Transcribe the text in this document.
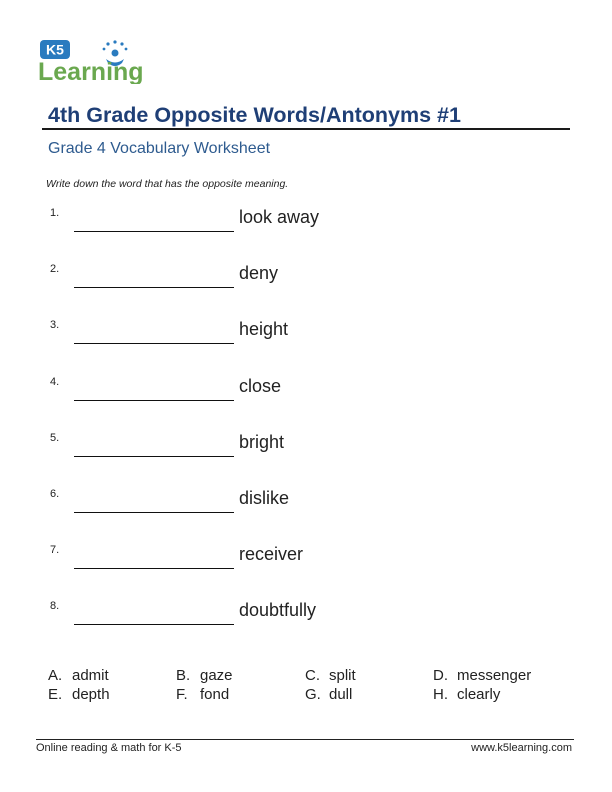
K5
Learning
4th Grade Opposite Words/Antonyms #1
Grade 4 Vocabulary Worksheet
Write down the word that has the opposite meaning.
1.	look away
2.	deny
3.	height
4.	close
5.	bright
6.	dislike
7.	receiver
8.	doubtfully
A. admit	B. gaze	C. split	D. messenger
E. depth	F. fond	G. dull	H. clearly
Online reading & math for K-5	www.k5learning.com
